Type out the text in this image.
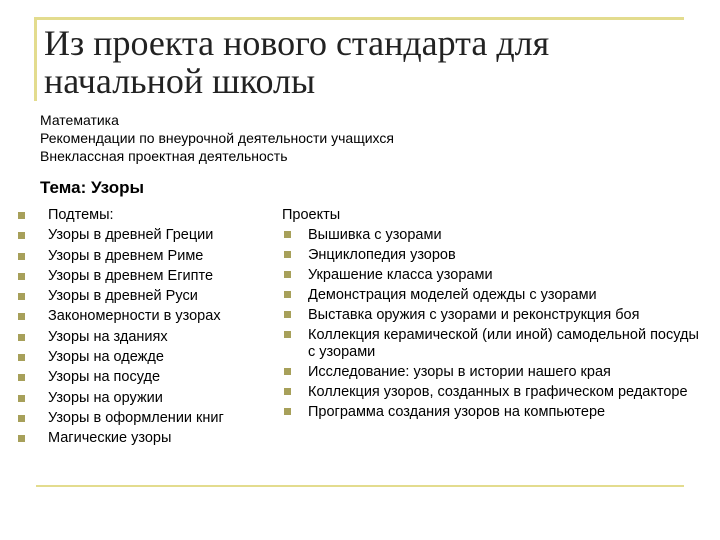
Из проекта нового стандарта для
начальной школы
Математика
Рекомендации по внеурочной деятельности учащихся
Внеклассная проектная деятельность
Тема: Узоры
Подтемы:
Узоры в древней Греции
Узоры в древнем Риме
Узоры в древнем Египте
Узоры в древней Руси
Закономерности в узорах
Узоры на зданиях
Узоры на одежде
Узоры на посуде
Узоры на оружии
Узоры в оформлении книг
Магические узоры
Проекты
Вышивка с узорами
Энциклопедия узоров
Украшение класса узорами
Демонстрация моделей одежды с узорами
Выставка оружия с узорами и реконструкция боя
Коллекция керамической (или иной) самодельной посуды с узорами
Исследование: узоры в истории нашего края
Коллекция узоров, созданных в графическом редакторе
Программа создания узоров на компьютере
